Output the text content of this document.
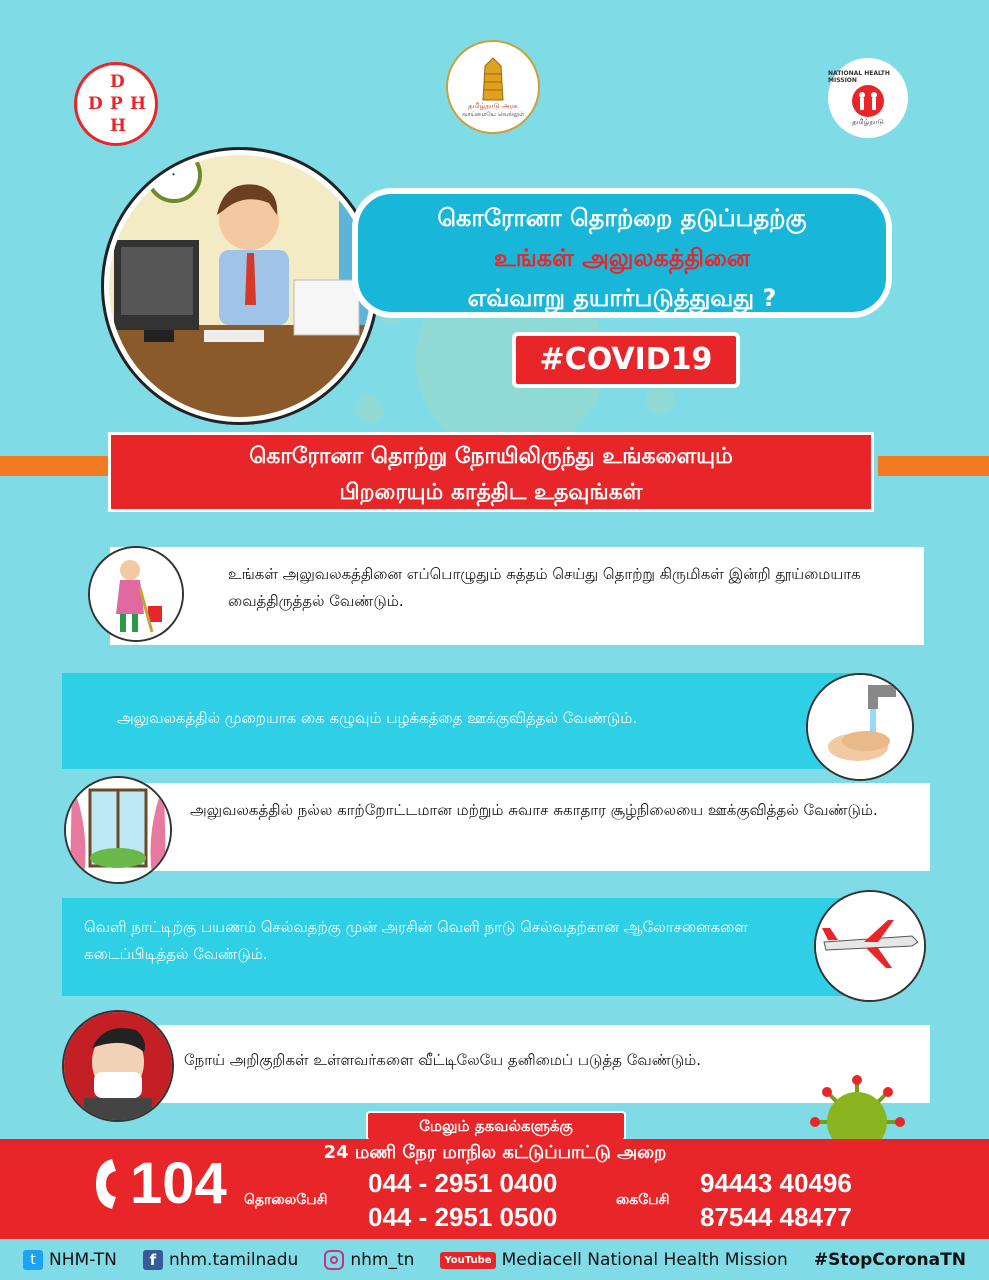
D
D P H
H
தமிழ்நாடு அரசு
வாய்மையே வெல்லும்
NATIONAL HEALTH MISSION
தமிழ்நாடு
கொரோனா தொற்றை தடுப்பதற்கு
உங்கள் அலுலகத்தினை
எவ்வாறு தயார்படுத்துவது ?
#COVID19
கொரோனா தொற்று நோயிலிருந்து உங்களையும்
பிறரையும் காத்திட உதவுங்கள்
உங்கள் அலுவலகத்தினை எப்பொழுதும் சுத்தம் செய்து தொற்று கிருமிகள் இன்றி தூய்மையாக வைத்திருத்தல் வேண்டும்.
அலுவலகத்தில் முறையாக கை கழுவும் பழக்கத்தை ஊக்குவித்தல் வேண்டும்.
அலுவலகத்தில் நல்ல காற்றோட்டமான மற்றும் சுவாச சுகாதார சூழ்நிலையை ஊக்குவித்தல் வேண்டும்.
வெளி நாட்டிற்கு பயணம் செல்வதற்கு முன் அரசின் வெளி நாடு செல்வதற்கான ஆலோசனைகளை கடைப்பிடித்தல் வேண்டும்.
நோய் அறிகுறிகள் உள்ளவர்களை வீட்டிலேயே தனிமைப் படுத்த வேண்டும்.
மேலும் தகவல்களுக்கு
24 மணி நேர மாநில கட்டுப்பாட்டு அறை
104 தொலைபேசி
044 - 2951 0400
044 - 2951 0500
கைபேசி
94443 40496
87544 48477
t NHM-TN	f nhm.tamilnadu	nhm_tn	YouTube Mediacell National Health Mission #StopCoronaTN
